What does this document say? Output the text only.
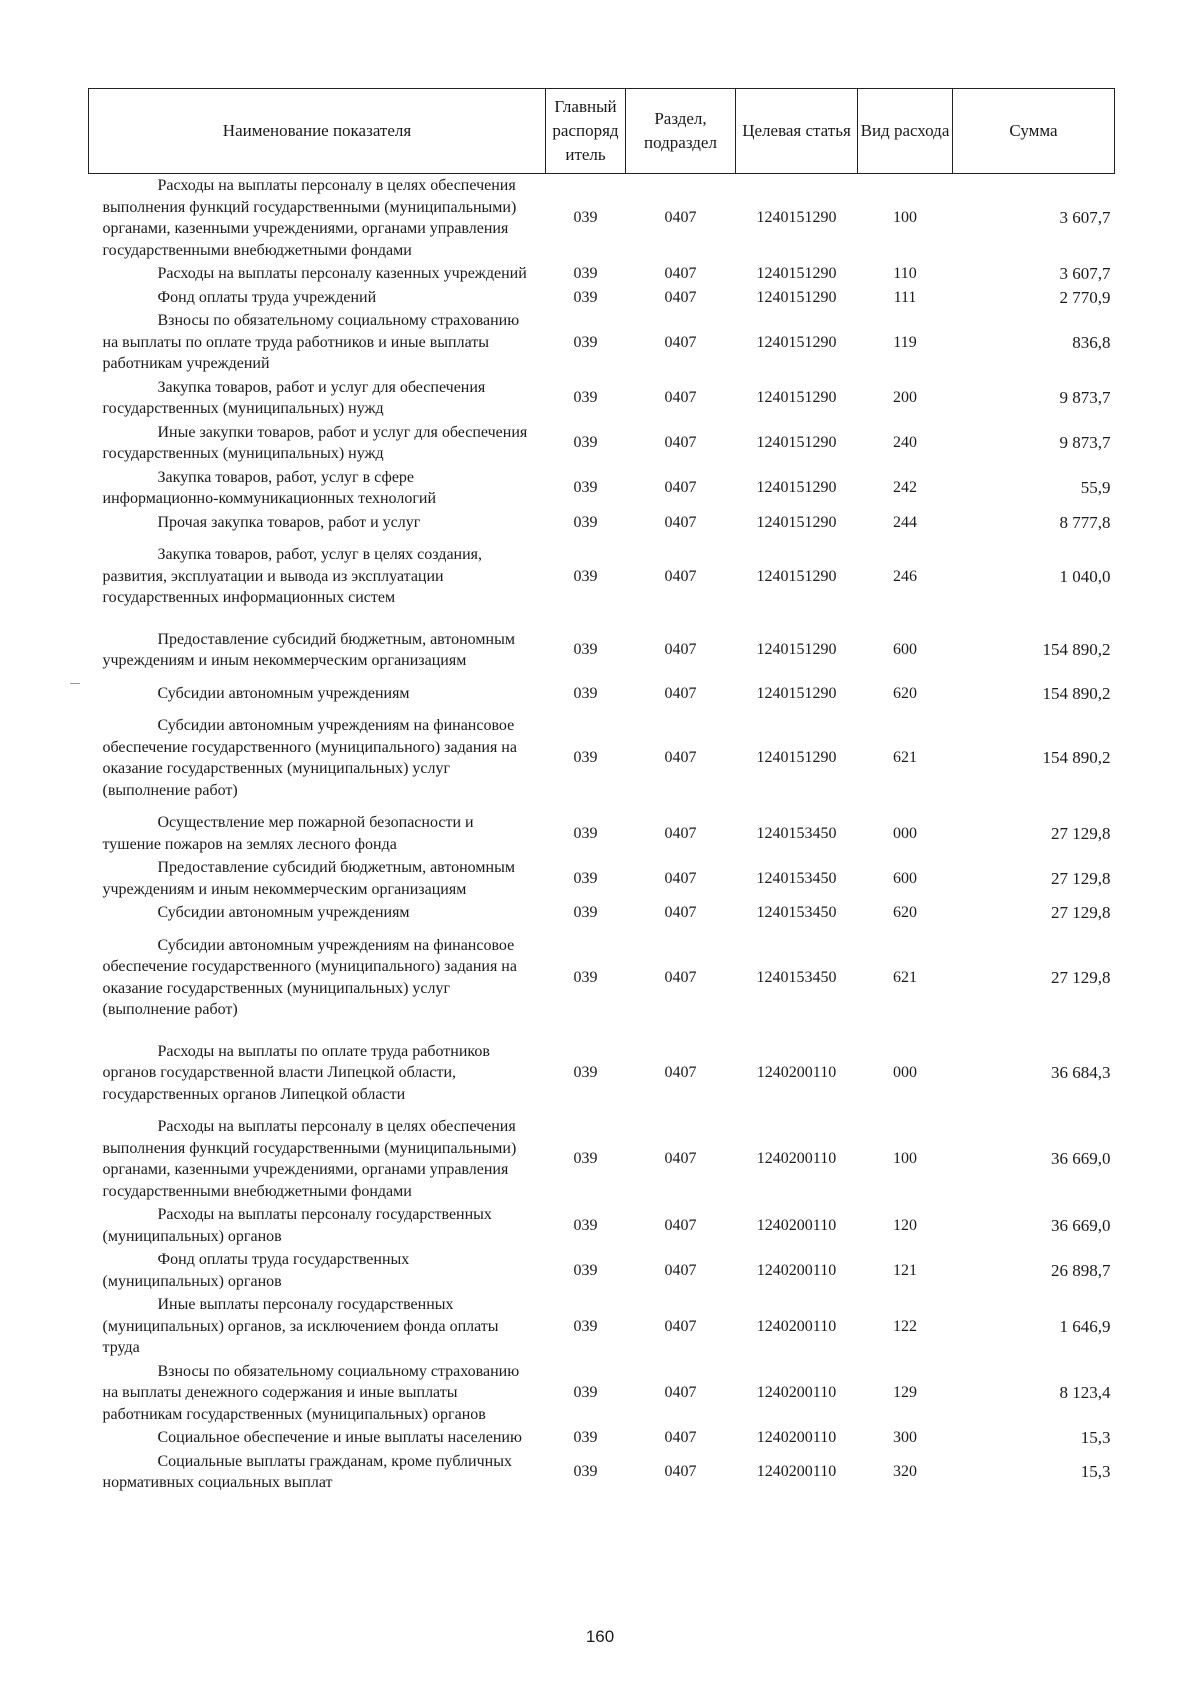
Наименование показателя	Главный распоряд итель	Раздел, подраздел	Целевая статья	Вид расхода	Сумма
Расходы на выплаты персоналу в целях обеспечения выполнения функций государственными (муниципальными) органами, казенными учреждениями, органами управления государственными внебюджетными фондами	039	0407	1240151290	100	3 607,7
Расходы на выплаты персоналу казенных учреждений	039	0407	1240151290	110	3 607,7
Фонд оплаты труда учреждений	039	0407	1240151290	111	2 770,9
Взносы по обязательному социальному страхованию на выплаты по оплате труда работников и иные выплаты работникам учреждений	039	0407	1240151290	119	836,8
Закупка товаров, работ и услуг для обеспечения государственных (муниципальных) нужд	039	0407	1240151290	200	9 873,7
Иные закупки товаров, работ и услуг для обеспечения государственных (муниципальных) нужд	039	0407	1240151290	240	9 873,7
Закупка товаров, работ, услуг в сфере информационно-коммуникационных технологий	039	0407	1240151290	242	55,9
Прочая закупка товаров, работ и услуг	039	0407	1240151290	244	8 777,8
Закупка товаров, работ, услуг в целях создания, развития, эксплуатации и вывода из эксплуатации государственных информационных систем	039	0407	1240151290	246	1 040,0
Предоставление субсидий бюджетным, автономным учреждениям и иным некоммерческим организациям	039	0407	1240151290	600	154 890,2
Субсидии автономным учреждениям	039	0407	1240151290	620	154 890,2
Субсидии автономным учреждениям на финансовое обеспечение государственного (муниципального) задания на оказание государственных (муниципальных) услуг (выполнение работ)	039	0407	1240151290	621	154 890,2
Осуществление мер пожарной безопасности и тушение пожаров на землях лесного фонда	039	0407	1240153450	000	27 129,8
Предоставление субсидий бюджетным, автономным учреждениям и иным некоммерческим организациям	039	0407	1240153450	600	27 129,8
Субсидии автономным учреждениям	039	0407	1240153450	620	27 129,8
Субсидии автономным учреждениям на финансовое обеспечение государственного (муниципального) задания на оказание государственных (муниципальных) услуг (выполнение работ)	039	0407	1240153450	621	27 129,8
Расходы на выплаты по оплате труда работников органов государственной власти Липецкой области, государственных органов Липецкой области	039	0407	1240200110	000	36 684,3
Расходы на выплаты персоналу в целях обеспечения выполнения функций государственными (муниципальными) органами, казенными учреждениями, органами управления государственными внебюджетными фондами	039	0407	1240200110	100	36 669,0
Расходы на выплаты персоналу государственных (муниципальных) органов	039	0407	1240200110	120	36 669,0
Фонд оплаты труда государственных (муниципальных) органов	039	0407	1240200110	121	26 898,7
Иные выплаты персоналу государственных (муниципальных) органов, за исключением фонда оплаты труда	039	0407	1240200110	122	1 646,9
Взносы по обязательному социальному страхованию на выплаты денежного содержания и иные выплаты работникам государственных (муниципальных) органов	039	0407	1240200110	129	8 123,4
Социальное обеспечение и иные выплаты населению	039	0407	1240200110	300	15,3
Социальные выплаты гражданам, кроме публичных нормативных социальных выплат	039	0407	1240200110	320	15,3
160
